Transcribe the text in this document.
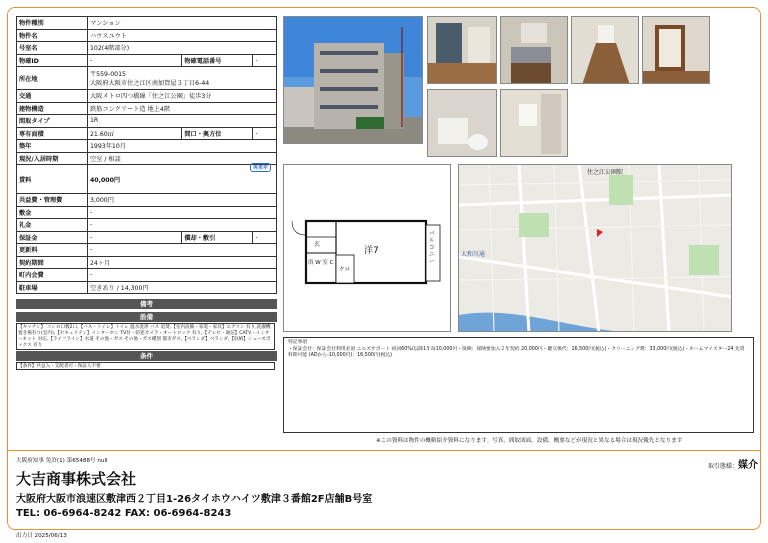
物件種別	マンション		
物件名	ハウスユウト		
号室名	102(4階部分)		
物確ID	-	物確電話番号	-
所在地	〒559-0015
大阪府大阪市住之江区南加賀屋３丁目6-44		

交通	大阪メトロ四つ橋線「住之江公園」徒歩3分		
建物構造	鉄筋コンクリート造 地上4階		
間取タイプ	1R		
専有面積	21.60㎡	間口・奥方位	-
築年	1993年10月		
現況/入居時期	空室 / 相談		
賃料	40,000円		
共益費・管理費	3,000円		
敷金	-		
礼金	-		
保証金	-	償却・敷引	-
更新料	-		
契約期間	24ヶ月		
町内会費	-		
駐車場	空きあり / 14,300円		
再来年
備考
設備
【キッチン】 コンロ口数2口,【バス・トイレ】トイレ 温水洗浄 バス 追焚,【室内設備・家電・家具】エアコン 有り,洗濯機置き場有り(室内),【セキュリティ】インターホン TV付・防犯カメラ・オートロック 有り,【テレビ・通信】CATV・インターネット 対応,【ライフライン】水道 その他・ガス その他・ガス種別 都市ガス,【ベランダ】ベランダ,【収納】シューズボックス 有り
条件
【条件】共益入・支配者可・保証人不要
洋7
玄
浴 W 室 C
クロ
バルコニー
住之江公園駅
大和川通
特記事項
・保証会社：保証会社利用必須 ニルズサポート 初回60%/以降1年毎10,000円・保険：保険要加入２年契約 20,000円・鍵交換代：16,500円(税込)・クリーニング費：33,000円(税込)・ホームマイスター24 先賃料期可能 (ADから-10,000円)：16,500円(税込)
※この資料は物件の概略紹介資料になります。写真、間取図面、設備、概要などが現況と異なる場合は現況優先となります
大阪府知事 免許(1) 第65488号 null
大吉商事株式会社
大阪府大阪市浪速区敷津西２丁目1-26タイホウハイツ敷津３番館2F店舗B号室
TEL: 06-6964-8242 FAX: 06-6964-8243
取引態様：媒介
出力日 2025/06/13
